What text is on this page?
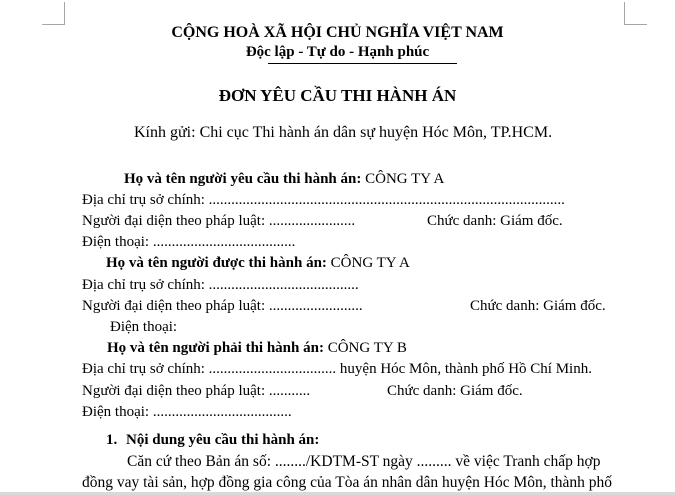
CỘNG HOÀ XÃ HỘI CHỦ NGHĨA VIỆT NAM
Độc lập - Tự do - Hạnh phúc
ĐƠN YÊU CẦU THI HÀNH ÁN
Kính gửi: Chi cục Thi hành án dân sự huyện Hóc Môn, TP.HCM.
Họ và tên người yêu cầu thi hành án: CÔNG TY A
Địa chỉ trụ sở chính: ...............................................................................................
Người đại diện theo pháp luật: .......................	Chức danh: Giám đốc.
Điện thoại: ......................................
Họ và tên người được thi hành án: CÔNG TY A
Địa chỉ trụ sở chính: ........................................
Người đại diện theo pháp luật: .........................	Chức danh: Giám đốc.
Điện thoại:
Họ và tên người phải thi hành án: CÔNG TY B
Địa chỉ trụ sở chính: .................................. huyện Hóc Môn, thành phố Hồ Chí Minh.
Người đại diện theo pháp luật: ...........	Chức danh: Giám đốc.
Điện thoại: .....................................
1. Nội dung yêu cầu thi hành án:
Căn cứ theo Bản án số: ......../KDTM-ST ngày ......... về việc Tranh chấp hợp
đồng vay tài sản, hợp đồng gia công của Tòa án nhân dân huyện Hóc Môn, thành phố
